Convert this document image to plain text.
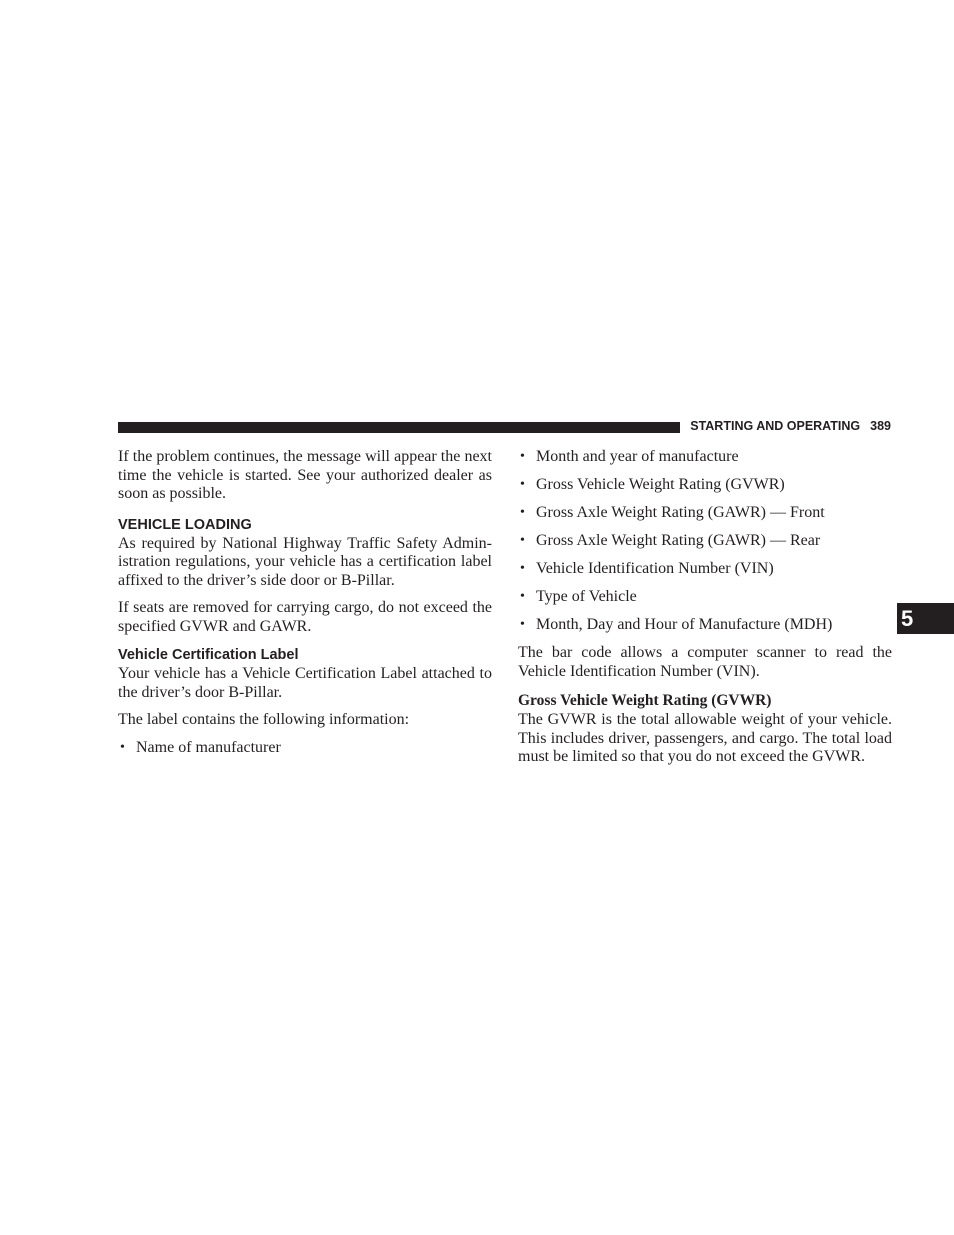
STARTING AND OPERATING 389

If the problem continues, the message will appear the next time the vehicle is started. See your authorized dealer as soon as possible.

VEHICLE LOADING

As required by National Highway Traffic Safety Admin-istration regulations, your vehicle has a certification label affixed to the driver’s side door or B-Pillar.

If seats are removed for carrying cargo, do not exceed the specified GVWR and GAWR.

Vehicle Certification Label

Your vehicle has a Vehicle Certification Label attached to the driver’s door B-Pillar.

The label contains the following information:

• Name of manufacturer
• Month and year of manufacture
• Gross Vehicle Weight Rating (GVWR)
• Gross Axle Weight Rating (GAWR) — Front
• Gross Axle Weight Rating (GAWR) — Rear
• Vehicle Identification Number (VIN)
• Type of Vehicle
• Month, Day and Hour of Manufacture (MDH)

The bar code allows a computer scanner to read the Vehicle Identification Number (VIN).

Gross Vehicle Weight Rating (GVWR)

The GVWR is the total allowable weight of your vehicle. This includes driver, passengers, and cargo. The total load must be limited so that you do not exceed the GVWR.

5
